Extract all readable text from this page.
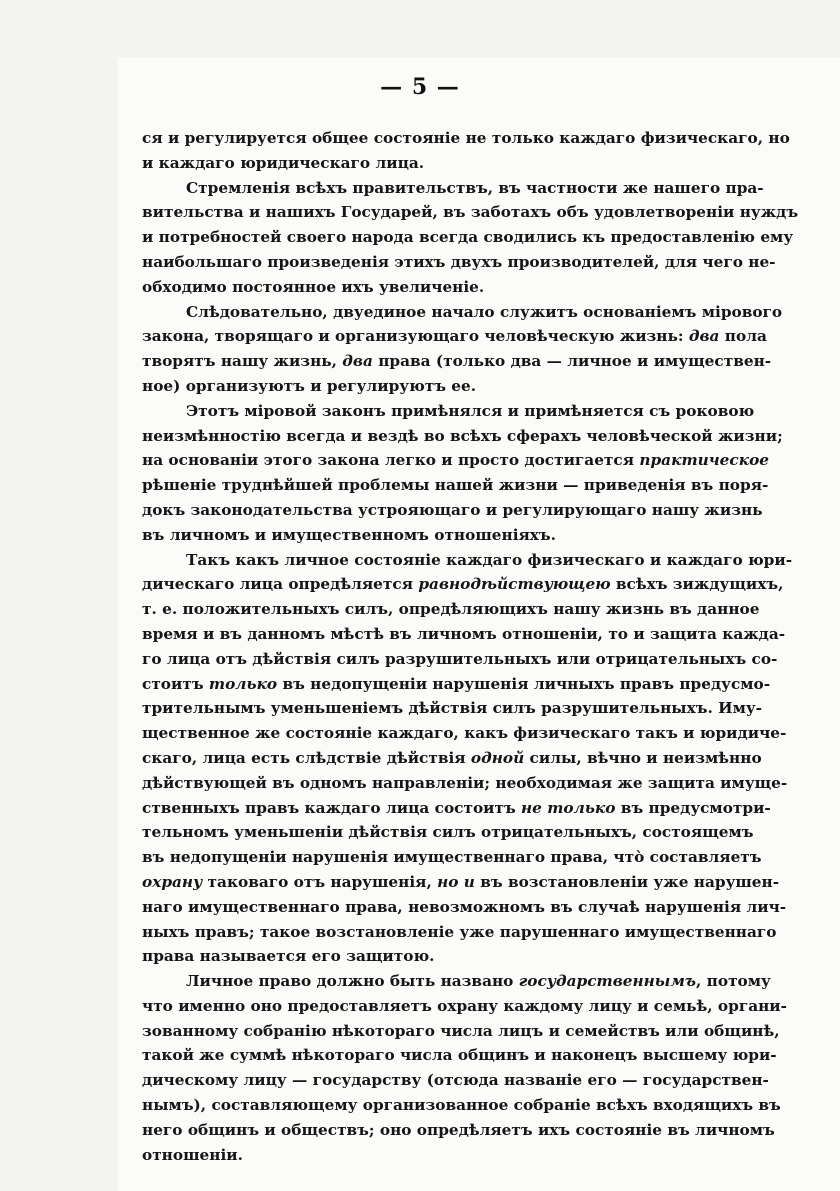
— 5 —
ся и регулируется общее состояніе не только каждаго физическаго, но
и каждаго юридическаго лица.
Стремленія всѣхъ правительствъ, въ частности же нашего пра-
вительства и нашихъ Государей, въ заботахъ объ удовлетвореніи нуждъ
и потребностей своего народа всегда сводились къ предоставленію ему
наибольшаго произведенія этихъ двухъ производителей, для чего не-
обходимо постоянное ихъ увеличеніе.
Слѣдовательно, двуединое начало служитъ основаніемъ мірового
закона, творящаго и организующаго человѣческую жизнь: два пола
творятъ нашу жизнь, два права (только два — личное и имуществен-
ное) организуютъ и регулируютъ ее.
Этотъ міровой законъ примѣнялся и примѣняется съ роковою
неизмѣнностію всегда и вездѣ во всѣхъ сферахъ человѣческой жизни;
на основаніи этого закона легко и просто достигается практическое
рѣшеніе труднѣйшей проблемы нашей жизни — приведенія въ поря-
докъ законодательства устрояющаго и регулирующаго нашу жизнь
въ личномъ и имущественномъ отношеніяхъ.
Такъ какъ личное состояніе каждаго физическаго и каждаго юри-
дическаго лица опредѣляется равнодѣйствующею всѣхъ зиждущихъ,
т. е. положительныхъ силъ, опредѣляющихъ нашу жизнь въ данное
время и въ данномъ мѣстѣ въ личномъ отношеніи, то и защита кажда-
го лица отъ дѣйствія силъ разрушительныхъ или отрицательныхъ со-
стоитъ только въ недопущеніи нарушенія личныхъ правъ предусмо-
трительнымъ уменьшеніемъ дѣйствія силъ разрушительныхъ. Иму-
щественное же состояніе каждаго, какъ физическаго такъ и юридиче-
скаго, лица есть слѣдствіе дѣйствія одной силы, вѣчно и неизмѣнно
дѣйствующей въ одномъ направленіи; необходимая же защита имуще-
ственныхъ правъ каждаго лица состоитъ не только въ предусмотри-
тельномъ уменьшеніи дѣйствія силъ отрицательныхъ, состоящемъ
въ недопущеніи нарушенія имущественнаго права, что̀ составляетъ
охрану таковаго отъ нарушенія, но и въ возстановленіи уже нарушен-
наго имущественнаго права, невозможномъ въ случаѣ нарушенія лич-
ныхъ правъ; такое возстановленіе уже парушеннаго имущественнаго
права называется его защитою.
Личное право должно быть названо государственнымъ, потому
что именно оно предоставляетъ охрану каждому лицу и семьѣ, органи-
зованному собранію нѣкотораго числа лицъ и семействъ или общинѣ,
такой же суммѣ нѣкотораго числа общинъ и наконецъ высшему юри-
дическому лицу — государству (отсюда названіе его — государствен-
нымъ), составляющему организованное собраніе всѣхъ входящихъ въ
него общинъ и обществъ; оно опредѣляетъ ихъ состояніе въ личномъ
отношеніи.
